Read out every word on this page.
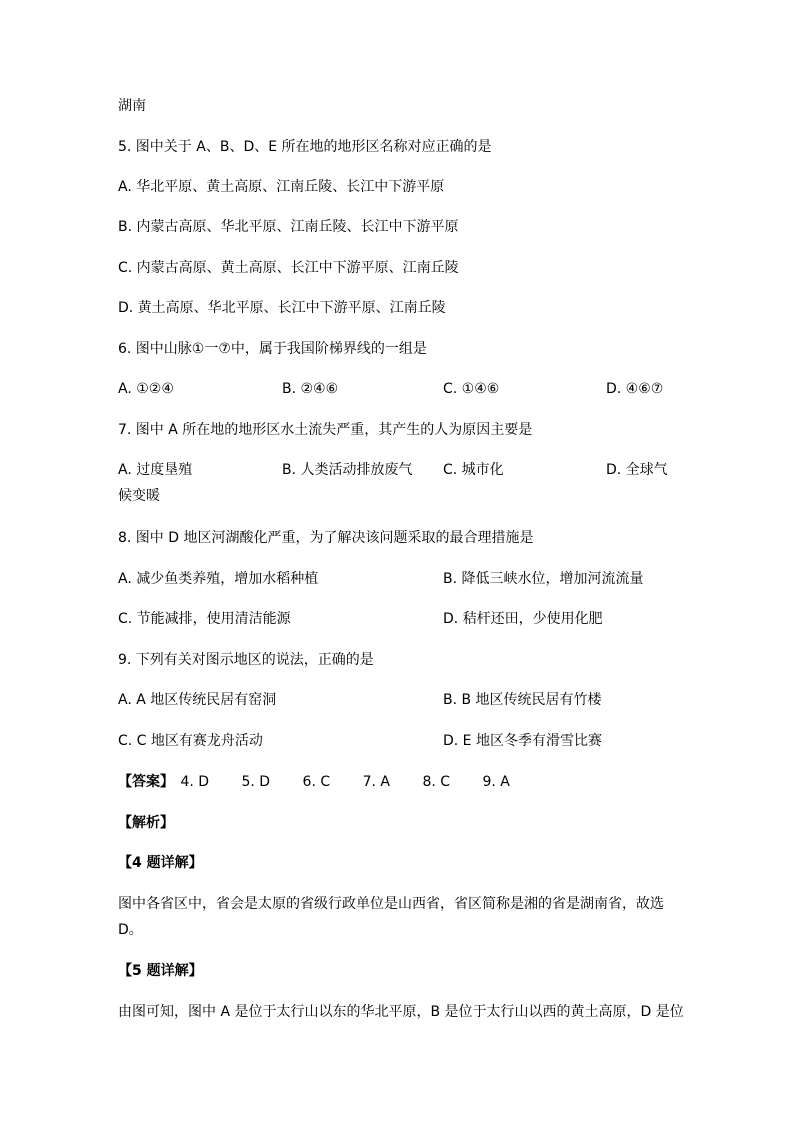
湖南
5. 图中关于 A、B、D、E 所在地的地形区名称对应正确的是
A. 华北平原、黄土高原、江南丘陵、长江中下游平原
B. 内蒙古高原、华北平原、江南丘陵、长江中下游平原
C. 内蒙古高原、黄土高原、长江中下游平原、江南丘陵
D. 黄土高原、华北平原、长江中下游平原、江南丘陵
6. 图中山脉①一⑦中，属于我国阶梯界线的一组是
A. ①②④	B. ②④⑥	C. ①④⑥	D. ④⑥⑦
7. 图中 A 所在地的地形区水土流失严重，其产生的人为原因主要是
A. 过度垦殖	B. 人类活动排放废气 C. 城市化	D. 全球气
候变暖
8. 图中 D 地区河湖酸化严重，为了解决该问题采取的最合理措施是
A. 减少鱼类养殖，增加水稻种植	B. 降低三峡水位，增加河流流量
C. 节能减排，使用清洁能源	D. 秸杆还田，少使用化肥
9. 下列有关对图示地区的说法，正确的是
A. A 地区传统民居有窑洞	B. B 地区传统民居有竹楼
C. C 地区有赛龙舟活动	D. E 地区冬季有滑雪比赛
【答案】 4. D 5. D 6. C 7. A 8. C 9. A
【解析】
【4 题详解】
图中各省区中，省会是太原的省级行政单位是山西省，省区简称是湘的省是湖南省，故选D。
【5 题详解】
由图可知，图中 A 是位于太行山以东的华北平原，B 是位于太行山以西的黄土高原，D 是位
